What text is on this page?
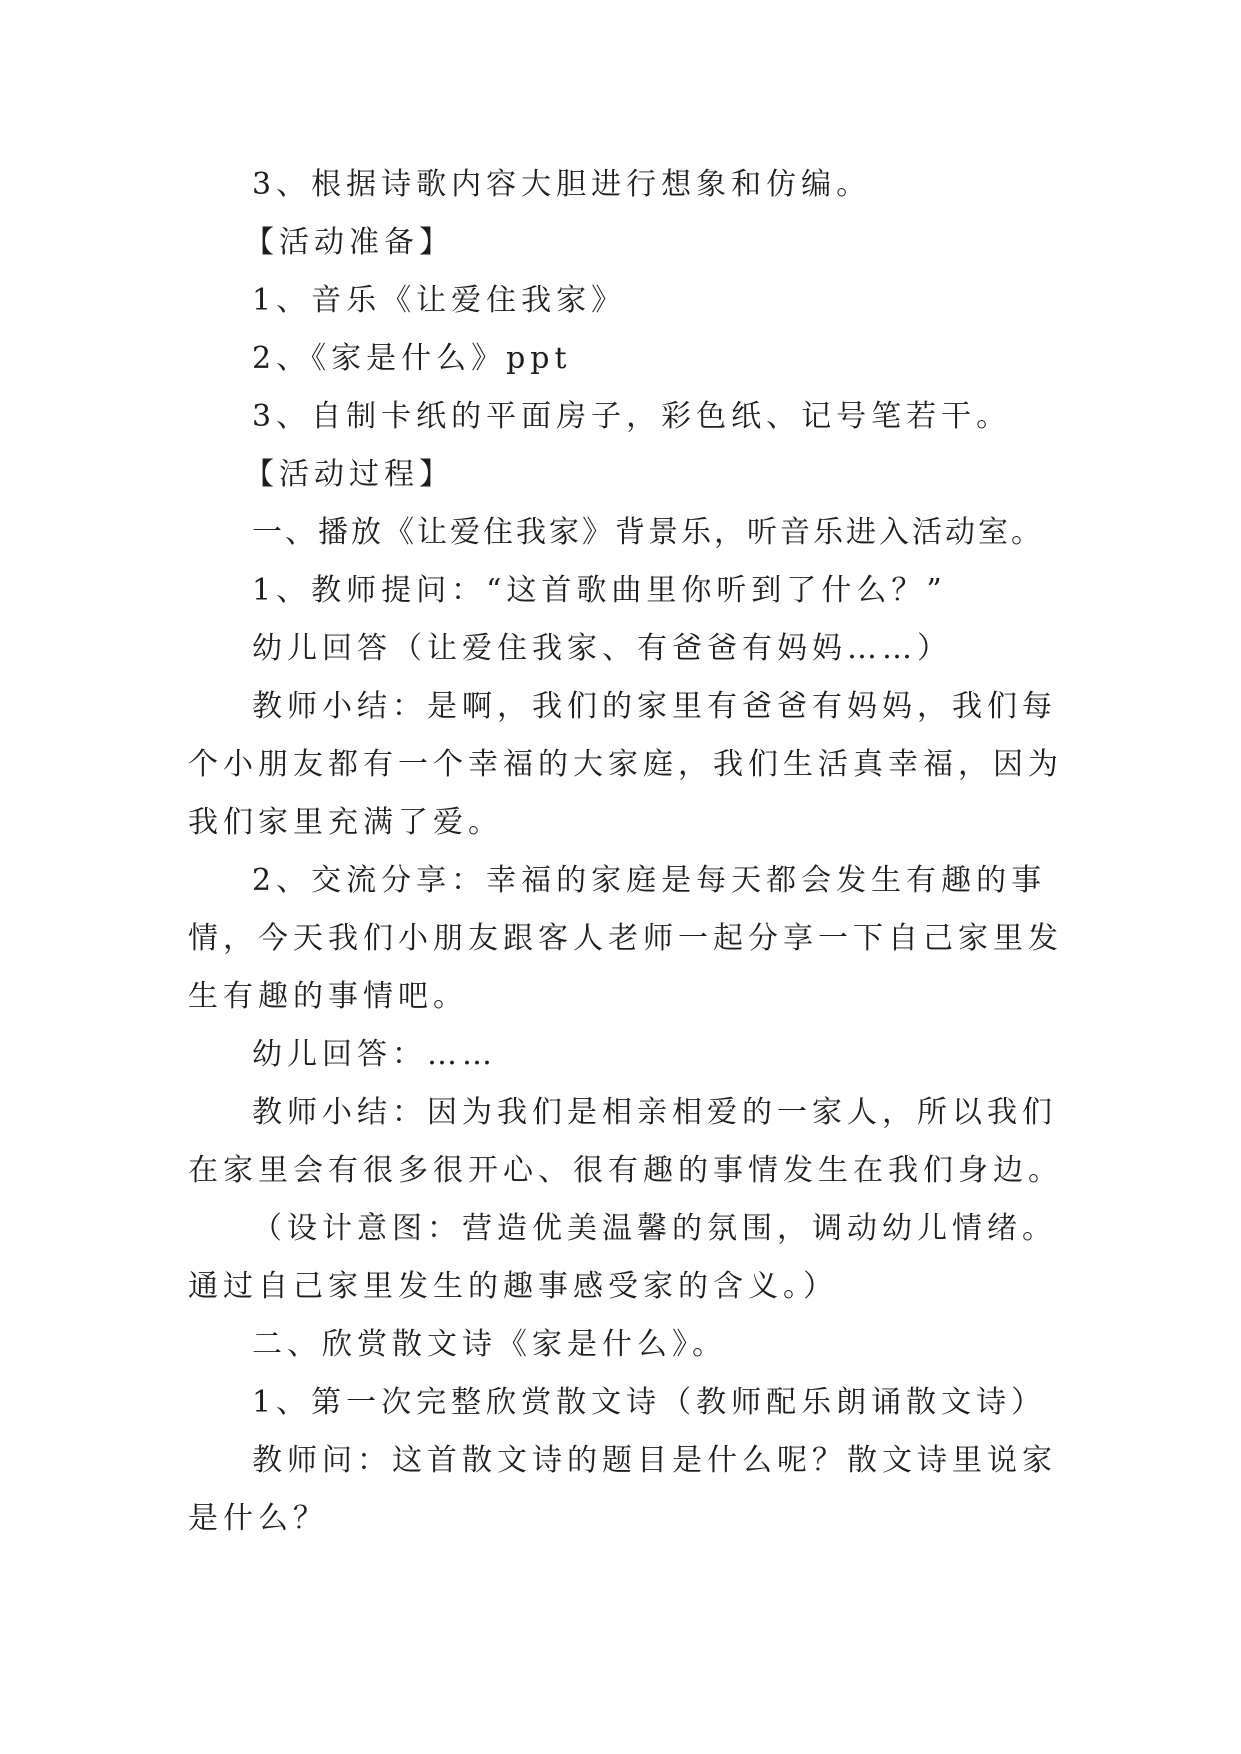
3、根据诗歌内容大胆进行想象和仿编。

【活动准备】

1、音乐《让爱住我家》

2、《家是什么》ppt

3、自制卡纸的平面房子，彩色纸、记号笔若干。

【活动过程】

一、播放《让爱住我家》背景乐，听音乐进入活动室。

1、教师提问：“这首歌曲里你听到了什么？”

幼儿回答（让爱住我家、有爸爸有妈妈……）

教师小结：是啊，我们的家里有爸爸有妈妈，我们每个小朋友都有一个幸福的大家庭，我们生活真幸福，因为我们家里充满了爱。

2、交流分享：幸福的家庭是每天都会发生有趣的事情，今天我们小朋友跟客人老师一起分享一下自己家里发生有趣的事情吧。

幼儿回答：……

教师小结：因为我们是相亲相爱的一家人，所以我们在家里会有很多很开心、很有趣的事情发生在我们身边。

（设计意图：营造优美温馨的氛围，调动幼儿情绪。通过自己家里发生的趣事感受家的含义。）

二、欣赏散文诗《家是什么》。

1、第一次完整欣赏散文诗（教师配乐朗诵散文诗）

教师问：这首散文诗的题目是什么呢？散文诗里说家是什么？
